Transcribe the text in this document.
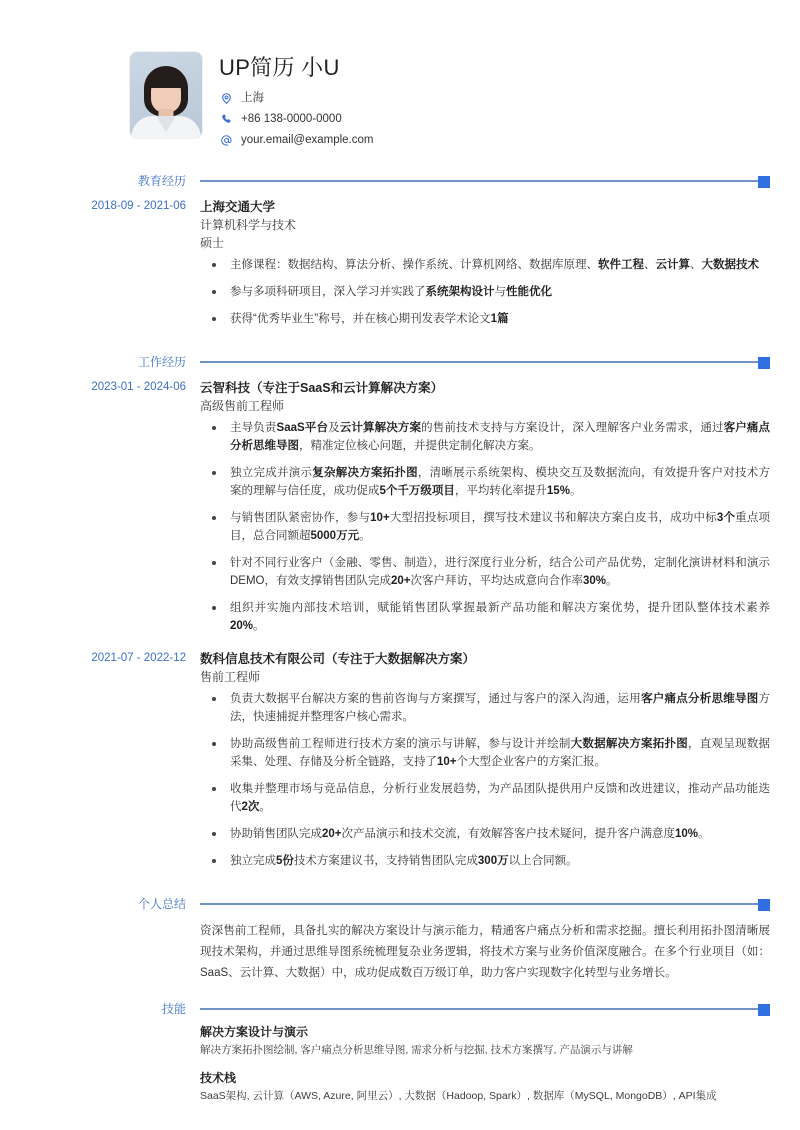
UP简历 小U
上海
+86 138-0000-0000
your.email@example.com
教育经历
2018-09 - 2021-06	上海交通大学
计算机科学与技术
硕士
主修课程：数据结构、算法分析、操作系统、计算机网络、数据库原理、软件工程、云计算、大数据技术
参与多项科研项目，深入学习并实践了系统架构设计与性能优化
获得“优秀毕业生”称号，并在核心期刊发表学术论文1篇
工作经历
2023-01 - 2024-06	云智科技（专注于SaaS和云计算解决方案）
高级售前工程师
主导负责SaaS平台及云计算解决方案的售前技术支持与方案设计，深入理解客户业务需求，通过客户痛点分析思维导图，精准定位核心问题，并提供定制化解决方案。
独立完成并演示复杂解决方案拓扑图，清晰展示系统架构、模块交互及数据流向，有效提升客户对技术方案的理解与信任度，成功促成5个千万级项目，平均转化率提升15%。
与销售团队紧密协作，参与10+大型招投标项目，撰写技术建议书和解决方案白皮书，成功中标3个重点项目，总合同额超5000万元。
针对不同行业客户（金融、零售、制造），进行深度行业分析，结合公司产品优势，定制化演讲材料和演示DEMO，有效支撑销售团队完成20+次客户拜访，平均达成意向合作率30%。
组织并实施内部技术培训，赋能销售团队掌握最新产品功能和解决方案优势，提升团队整体技术素养20%。
2021-07 - 2022-12	数科信息技术有限公司（专注于大数据解决方案）
售前工程师
负责大数据平台解决方案的售前咨询与方案撰写，通过与客户的深入沟通，运用客户痛点分析思维导图方法，快速捕捉并整理客户核心需求。
协助高级售前工程师进行技术方案的演示与讲解，参与设计并绘制大数据解决方案拓扑图，直观呈现数据采集、处理、存储及分析全链路，支持了10+个大型企业客户的方案汇报。
收集并整理市场与竞品信息，分析行业发展趋势，为产品团队提供用户反馈和改进建议，推动产品功能迭代2次。
协助销售团队完成20+次产品演示和技术交流，有效解答客户技术疑问，提升客户满意度10%。
独立完成5份技术方案建议书，支持销售团队完成300万以上合同额。
个人总结
资深售前工程师，具备扎实的解决方案设计与演示能力，精通客户痛点分析和需求挖掘。擅长利用拓扑图清晰展现技术架构，并通过思维导图系统梳理复杂业务逻辑，将技术方案与业务价值深度融合。在多个行业项目（如：SaaS、云计算、大数据）中，成功促成数百万级订单，助力客户实现数字化转型与业务增长。
技能
解决方案设计与演示
解决方案拓扑图绘制, 客户痛点分析思维导图, 需求分析与挖掘, 技术方案撰写, 产品演示与讲解
技术栈
SaaS架构, 云计算（AWS, Azure, 阿里云）, 大数据（Hadoop, Spark）, 数据库（MySQL, MongoDB）, API集成
